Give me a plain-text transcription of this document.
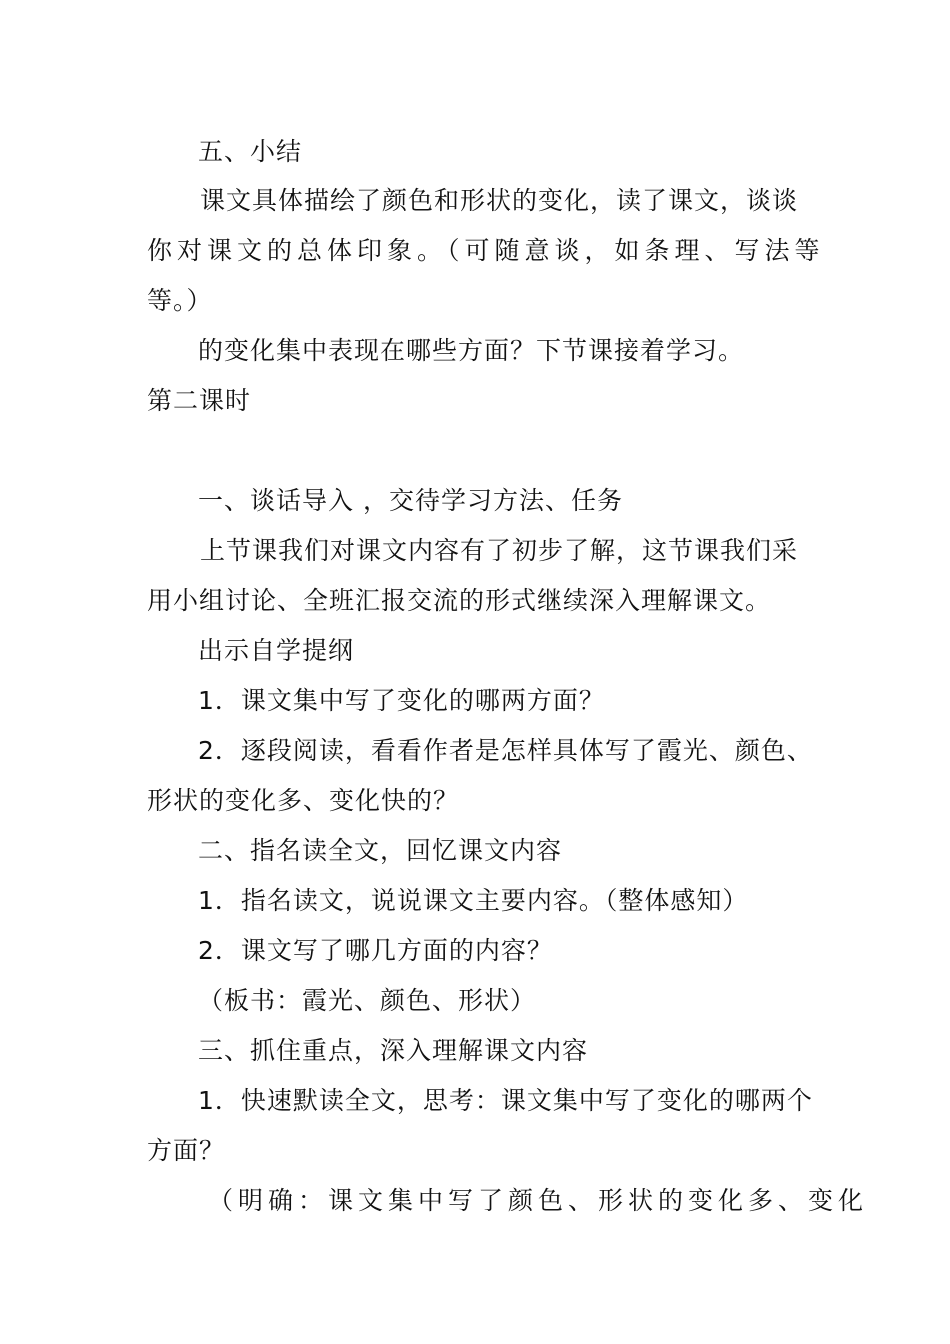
五、小结
课文具体描绘了颜色和形状的变化，读了课文，谈谈
你对课文的总体印象。（可随意谈，如条理、写法等
等。）
的变化集中表现在哪些方面？下节课接着学习。
第二课时
一、谈话导入 ，交待学习方法、任务
上节课我们对课文内容有了初步了解，这节课我们采
用小组讨论、全班汇报交流的形式继续深入理解课文。
出示自学提纲
1．课文集中写了变化的哪两方面？
2．逐段阅读，看看作者是怎样具体写了霞光、颜色、
形状的变化多、变化快的？
二、指名读全文，回忆课文内容
1．指名读文，说说课文主要内容。（整体感知）
2．课文写了哪几方面的内容？
（板书：霞光、颜色、形状）
三、抓住重点，深入理解课文内容
1．快速默读全文，思考：课文集中写了变化的哪两个
方面？
（明确：课文集中写了颜色、形状的变化多、变化
